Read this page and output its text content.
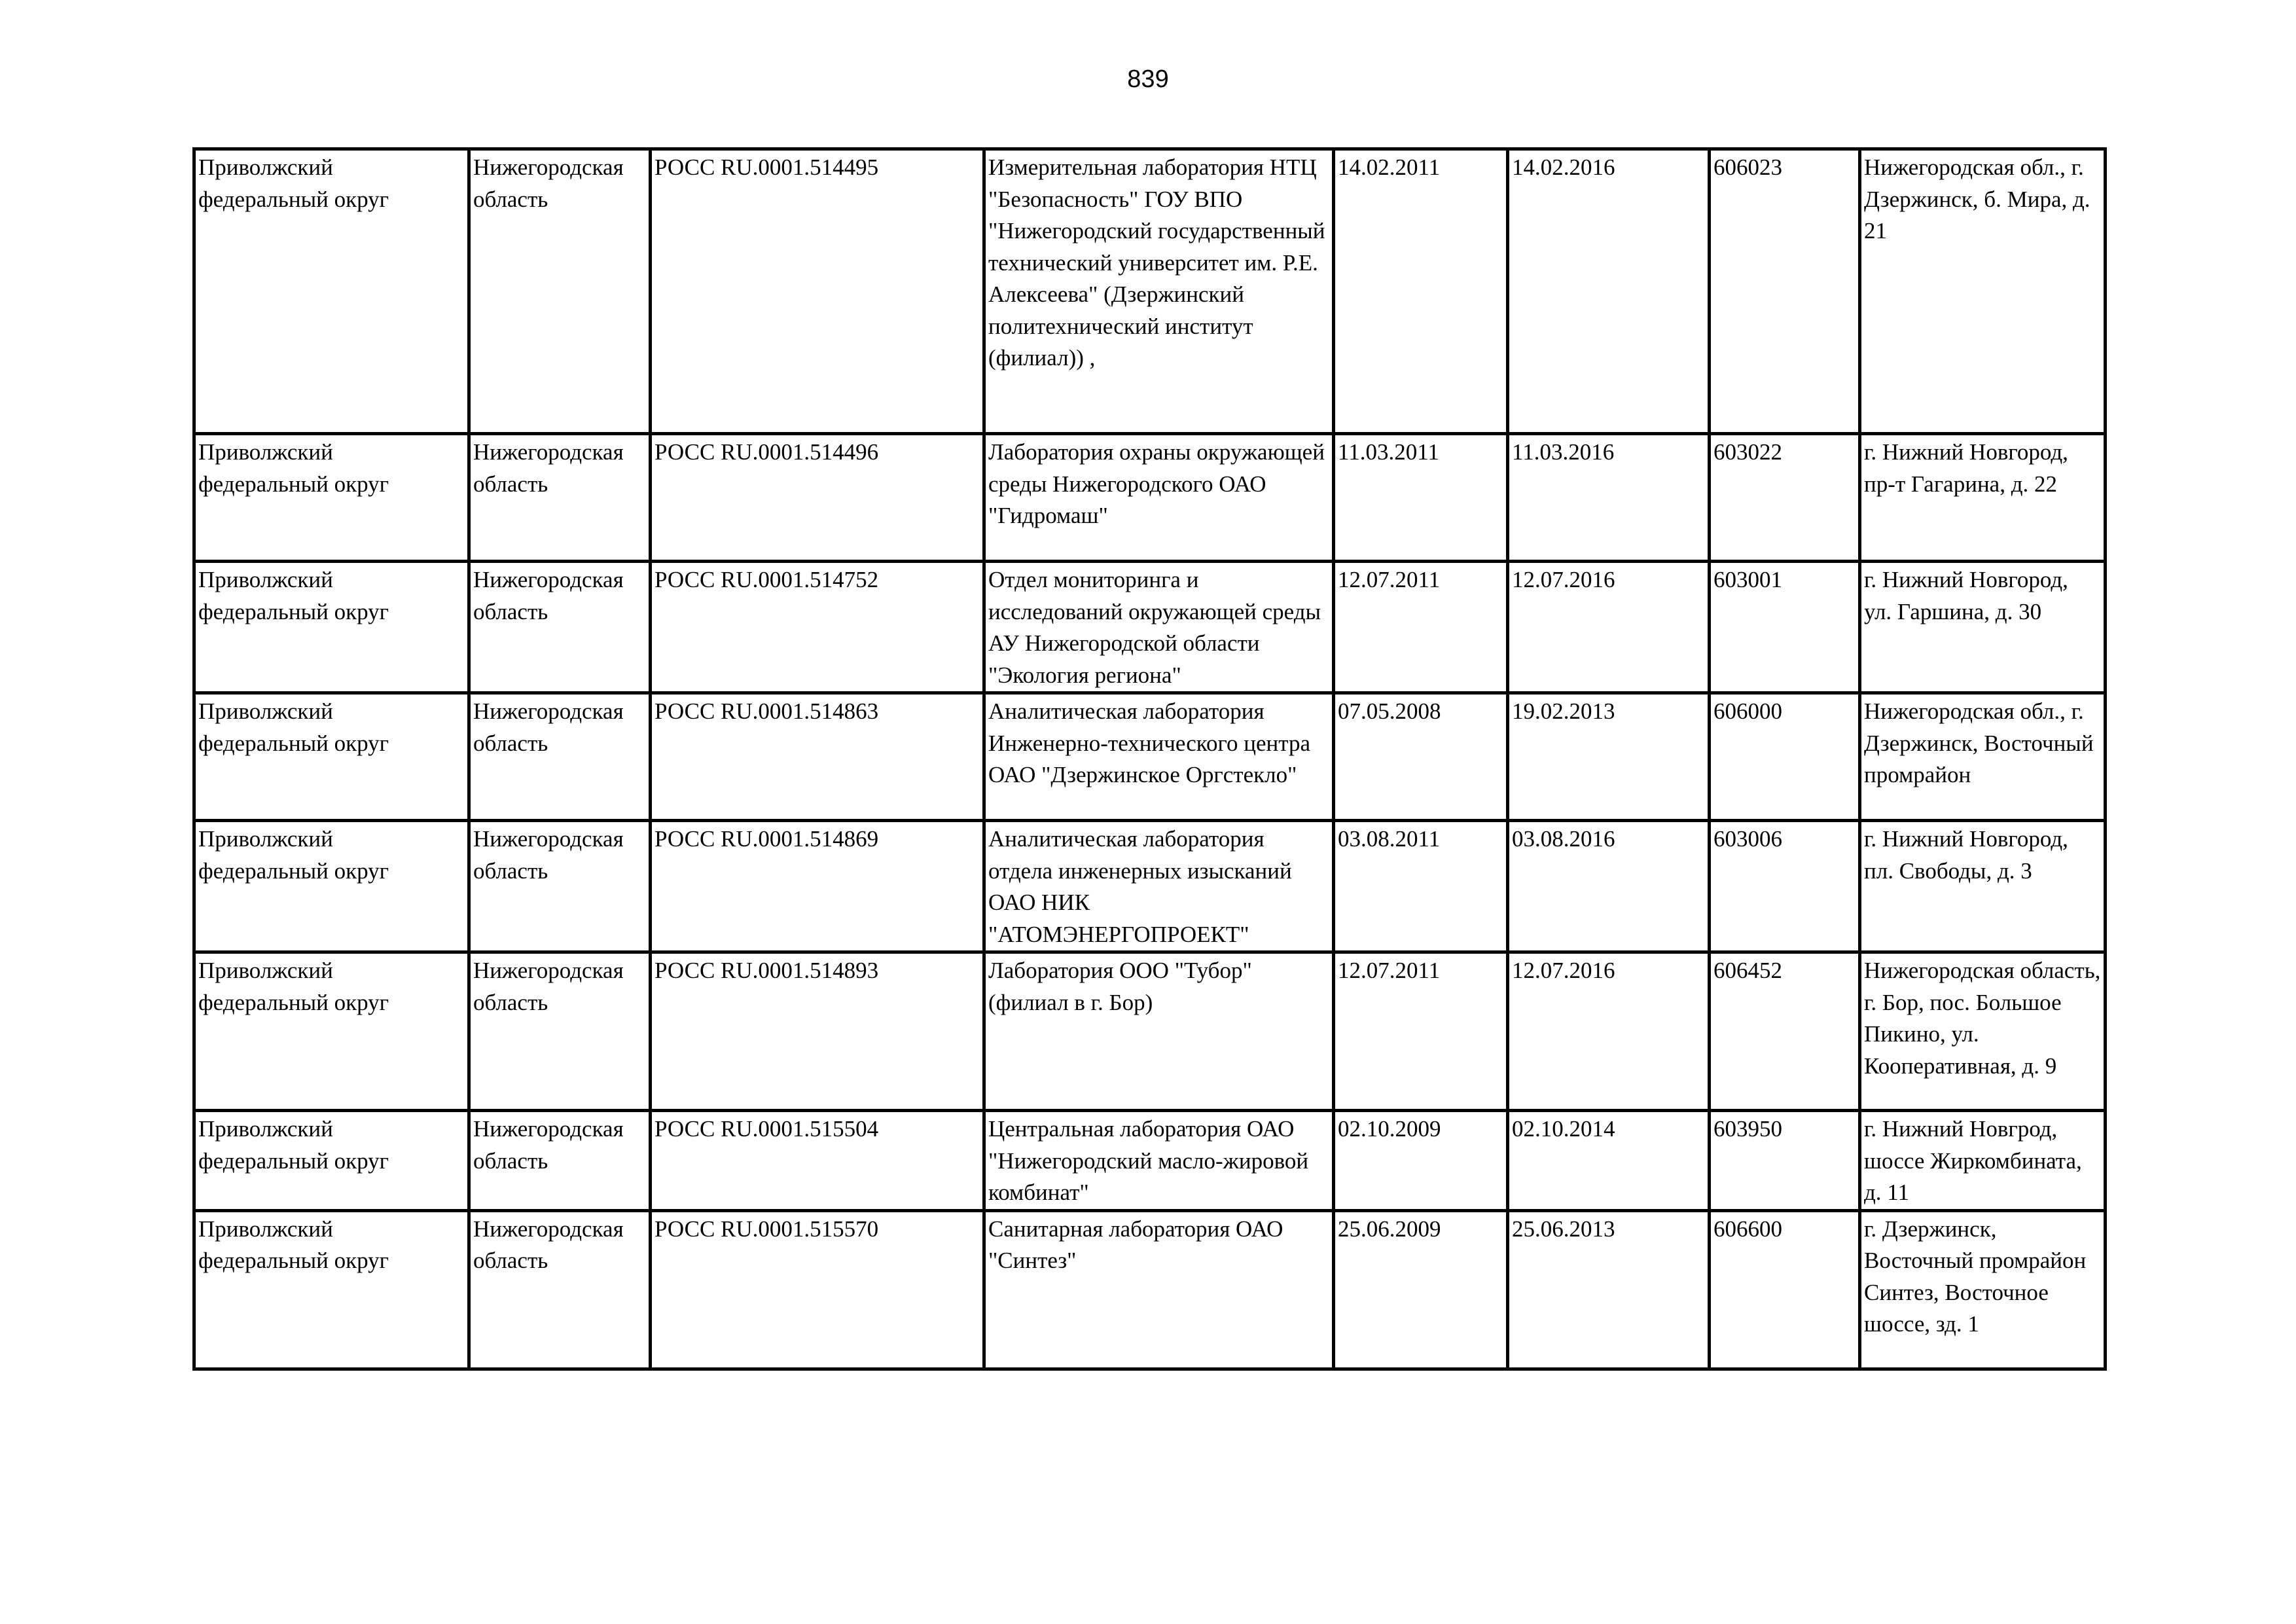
839
Приволжский федеральный округ	Нижегородская область	РОСС RU.0001.514495	Измерительная лаборатория НТЦ "Безопасность" ГОУ ВПО "Нижегородский государственный технический университет им. Р.Е. Алексеева" (Дзержинский политехнический институт (филиал)) ,	14.02.2011	14.02.2016	606023	Нижегородская обл., г. Дзержинск, б. Мира, д. 21
Приволжский федеральный округ	Нижегородская область	РОСС RU.0001.514496	Лаборатория охраны окружающей среды Нижегородского ОАО "Гидромаш"	11.03.2011	11.03.2016	603022	г. Нижний Новгород, пр-т Гагарина, д. 22
Приволжский федеральный округ	Нижегородская область	РОСС RU.0001.514752	Отдел мониторинга и исследований окружающей среды АУ Нижегородской области "Экология региона"	12.07.2011	12.07.2016	603001	г. Нижний Новгород, ул. Гаршина, д. 30
Приволжский федеральный округ	Нижегородская область	РОСС RU.0001.514863	Аналитическая лаборатория Инженерно-технического центра ОАО "Дзержинское Оргстекло"	07.05.2008	19.02.2013	606000	Нижегородская обл., г. Дзержинск, Восточный промрайон
Приволжский федеральный округ	Нижегородская область	РОСС RU.0001.514869	Аналитическая лаборатория отдела инженерных изысканий ОАО НИК "АТОМЭНЕРГОПРОЕКТ"	03.08.2011	03.08.2016	603006	г. Нижний Новгород, пл. Свободы, д. 3
Приволжский федеральный округ	Нижегородская область	РОСС RU.0001.514893	Лаборатория ООО "Тубор" (филиал в г. Бор)	12.07.2011	12.07.2016	606452	Нижегородская область, г. Бор, пос. Большое Пикино, ул. Кооперативная, д. 9
Приволжский федеральный округ	Нижегородская область	РОСС RU.0001.515504	Центральная лаборатория ОАО "Нижегородский масло-жировой комбинат"	02.10.2009	02.10.2014	603950	г. Нижний Новгрод, шоссе Жиркомбината, д. 11
Приволжский федеральный округ	Нижегородская область	РОСС RU.0001.515570	Санитарная лаборатория ОАО "Синтез"	25.06.2009	25.06.2013	606600	г. Дзержинск, Восточный промрайон Синтез, Восточное шоссе, зд. 1
